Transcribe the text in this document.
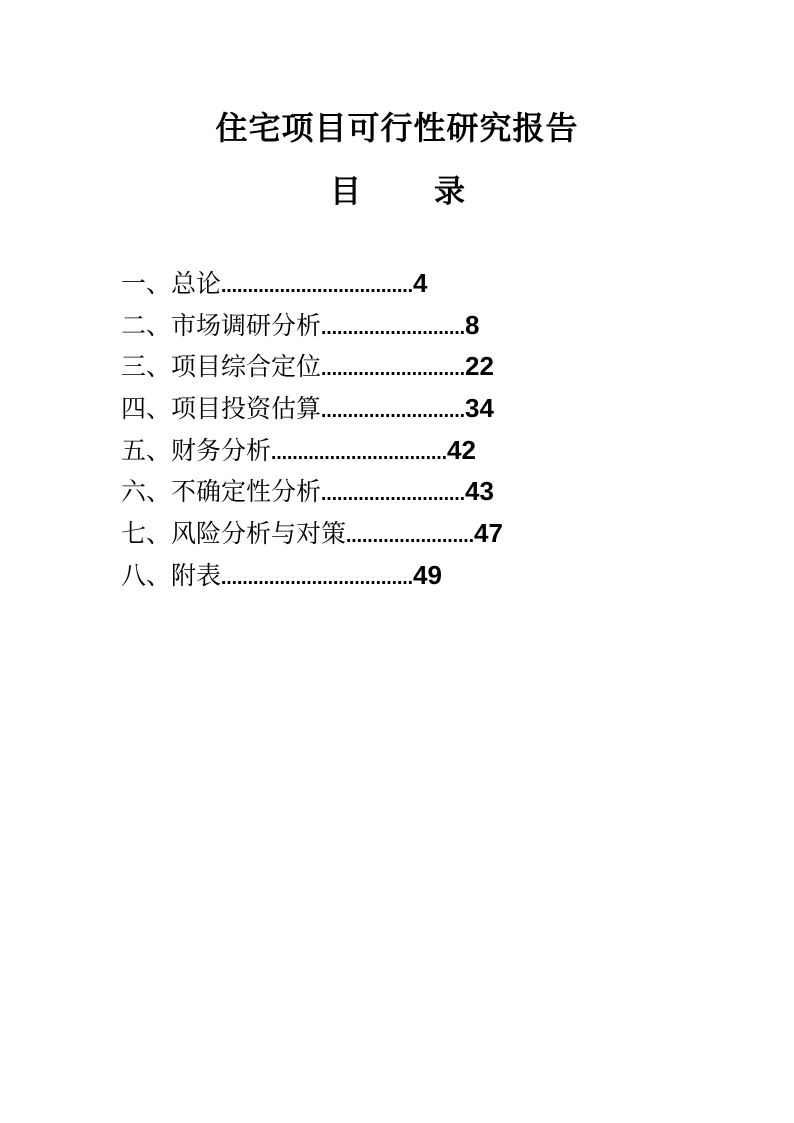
住宅项目可行性研究报告
目 录
一、 总论 ……………………………… 4
二、 市场调研分析 ……………………… 8
三、 项目综合定位 ……………………… 22
四、 项目投资估算 ……………………… 34
五、 财务分析 …………………………… 42
六、 不确定性分析 ……………………… 43
七、 风险分析与对策 …………………… 47
八、 附表 ……………………………… 49
